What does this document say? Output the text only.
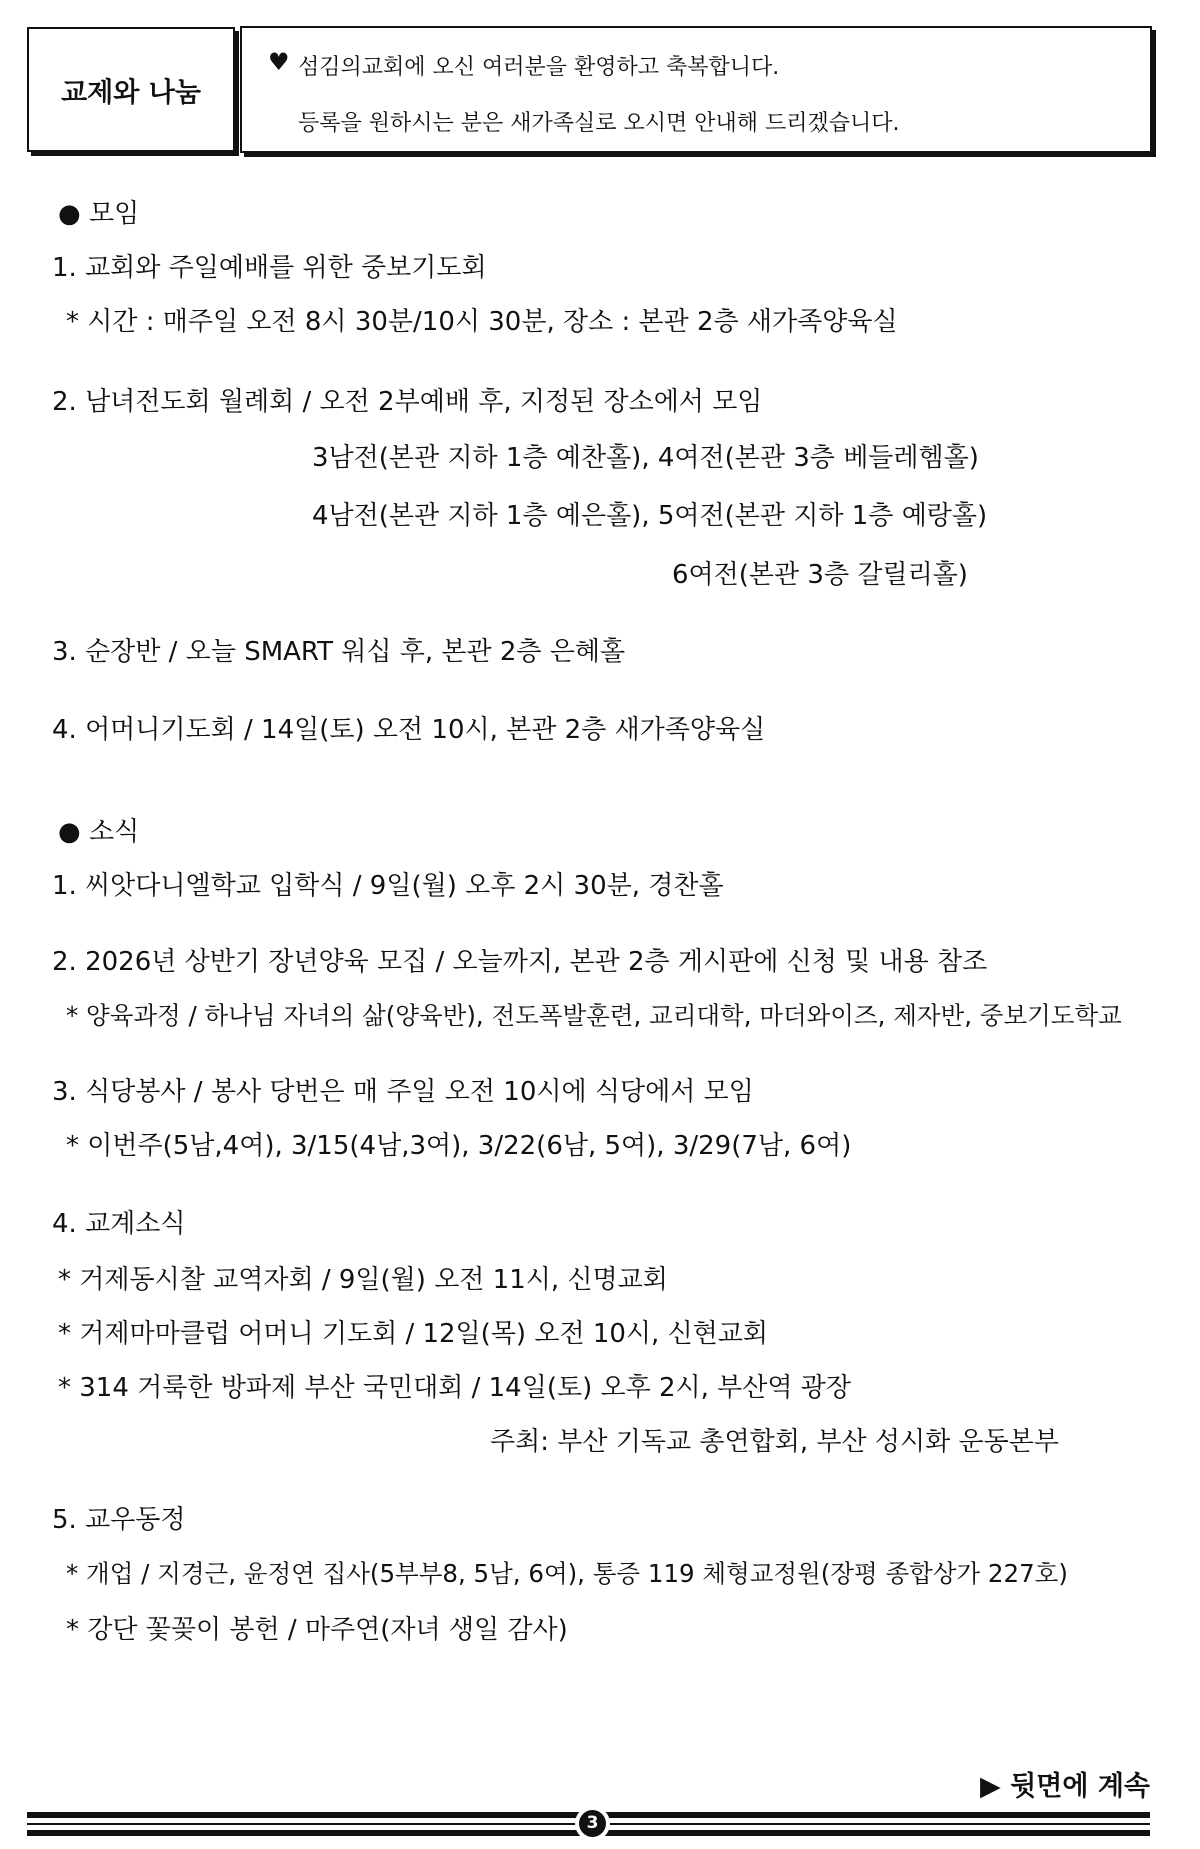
교제와 나눔
♥ 섬김의교회에 오신 여러분을 환영하고 축복합니다.
등록을 원하시는 분은 새가족실로 오시면 안내해 드리겠습니다.
● 모임
1. 교회와 주일예배를 위한 중보기도회
* 시간 : 매주일 오전 8시 30분/10시 30분, 장소 : 본관 2층 새가족양육실
2. 남녀전도회 월례회 / 오전 2부예배 후, 지정된 장소에서 모임
3남전(본관 지하 1층 예찬홀), 4여전(본관 3층 베들레헴홀)
4남전(본관 지하 1층 예은홀), 5여전(본관 지하 1층 예랑홀)
6여전(본관 3층 갈릴리홀)
3. 순장반 / 오늘 SMART 워십 후, 본관 2층 은혜홀
4. 어머니기도회 / 14일(토) 오전 10시, 본관 2층 새가족양육실
● 소식
1. 씨앗다니엘학교 입학식 / 9일(월) 오후 2시 30분, 경찬홀
2. 2026년 상반기 장년양육 모집 / 오늘까지, 본관 2층 게시판에 신청 및 내용 참조
* 양육과정 / 하나님 자녀의 삶(양육반), 전도폭발훈련, 교리대학, 마더와이즈, 제자반, 중보기도학교
3. 식당봉사 / 봉사 당번은 매 주일 오전 10시에 식당에서 모임
* 이번주(5남,4여), 3/15(4남,3여), 3/22(6남, 5여), 3/29(7남, 6여)
4. 교계소식
* 거제동시찰 교역자회 / 9일(월) 오전 11시, 신명교회
* 거제마마클럽 어머니 기도회 / 12일(목) 오전 10시, 신현교회
* 314 거룩한 방파제 부산 국민대회 / 14일(토) 오후 2시, 부산역 광장
주최: 부산 기독교 총연합회, 부산 성시화 운동본부
5. 교우동정
* 개업 / 지경근, 윤정연 집사(5부부8, 5남, 6여), 통증 119 체형교정원(장평 종합상가 227호)
* 강단 꽃꽂이 봉헌 / 마주연(자녀 생일 감사)
▶ 뒷면에 계속
3
